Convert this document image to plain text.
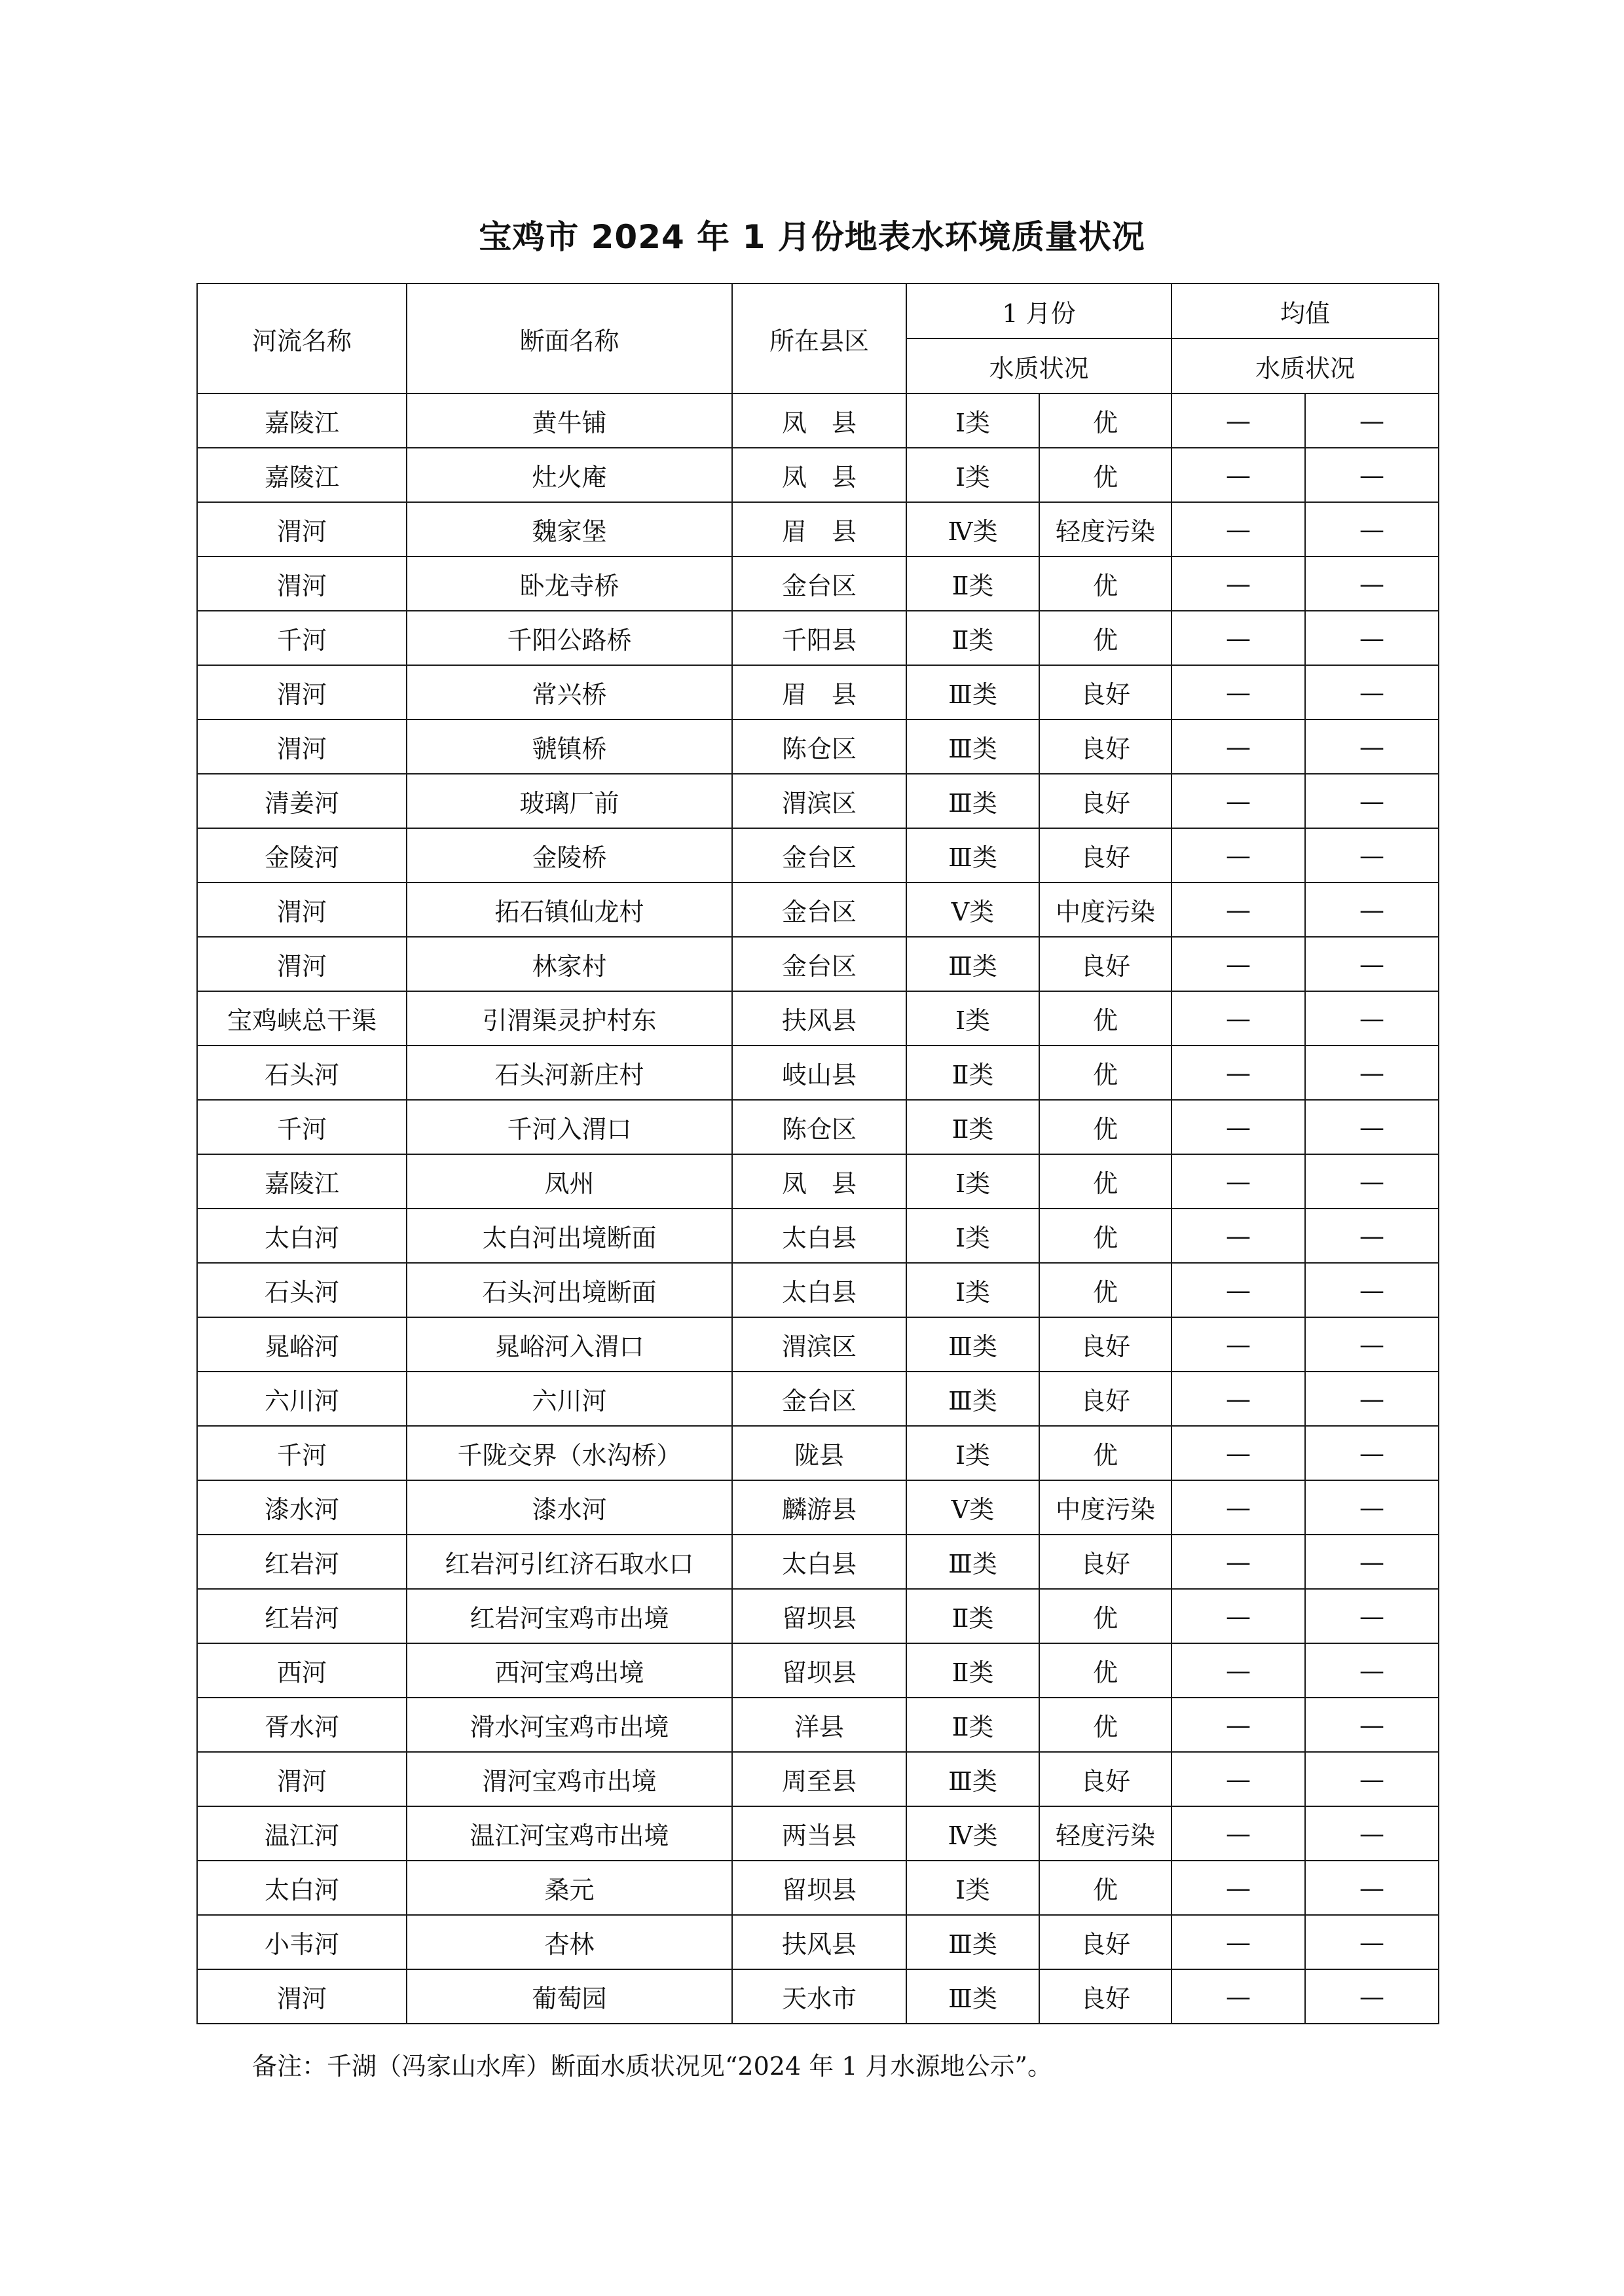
宝鸡市 2024 年 1 月份地表水环境质量状况
河流名称	断面名称	所在县区	1 月份		均值	
			水质状况		水质状况	
嘉陵江	黄牛铺	凤　县	Ⅰ类	优	—	—
嘉陵江	灶火庵	凤　县	Ⅰ类	优	—	—
渭河	魏家堡	眉　县	Ⅳ类	轻度污染	—	—
渭河	卧龙寺桥	金台区	Ⅱ类	优	—	—
千河	千阳公路桥	千阳县	Ⅱ类	优	—	—
渭河	常兴桥	眉　县	Ⅲ类	良好	—	—
渭河	虢镇桥	陈仓区	Ⅲ类	良好	—	—
清姜河	玻璃厂前	渭滨区	Ⅲ类	良好	—	—
金陵河	金陵桥	金台区	Ⅲ类	良好	—	—
渭河	拓石镇仙龙村	金台区	Ⅴ类	中度污染	—	—
渭河	林家村	金台区	Ⅲ类	良好	—	—
宝鸡峡总干渠	引渭渠灵护村东	扶风县	Ⅰ类	优	—	—
石头河	石头河新庄村	岐山县	Ⅱ类	优	—	—
千河	千河入渭口	陈仓区	Ⅱ类	优	—	—
嘉陵江	凤州	凤　县	Ⅰ类	优	—	—
太白河	太白河出境断面	太白县	Ⅰ类	优	—	—
石头河	石头河出境断面	太白县	Ⅰ类	优	—	—
晁峪河	晁峪河入渭口	渭滨区	Ⅲ类	良好	—	—
六川河	六川河	金台区	Ⅲ类	良好	—	—
千河	千陇交界（水沟桥）	陇县	Ⅰ类	优	—	—
漆水河	漆水河	麟游县	Ⅴ类	中度污染	—	—
红岩河	红岩河引红济石取水口	太白县	Ⅲ类	良好	—	—
红岩河	红岩河宝鸡市出境	留坝县	Ⅱ类	优	—	—
西河	西河宝鸡出境	留坝县	Ⅱ类	优	—	—
胥水河	滑水河宝鸡市出境	洋县	Ⅱ类	优	—	—
渭河	渭河宝鸡市出境	周至县	Ⅲ类	良好	—	—
温江河	温江河宝鸡市出境	两当县	Ⅳ类	轻度污染	—	—
太白河	桑元	留坝县	Ⅰ类	优	—	—
小韦河	杏林	扶风县	Ⅲ类	良好	—	—
渭河	葡萄园	天水市	Ⅲ类	良好	—	—
备注：千湖（冯家山水库）断面水质状况见“2024 年 1 月水源地公示”。
